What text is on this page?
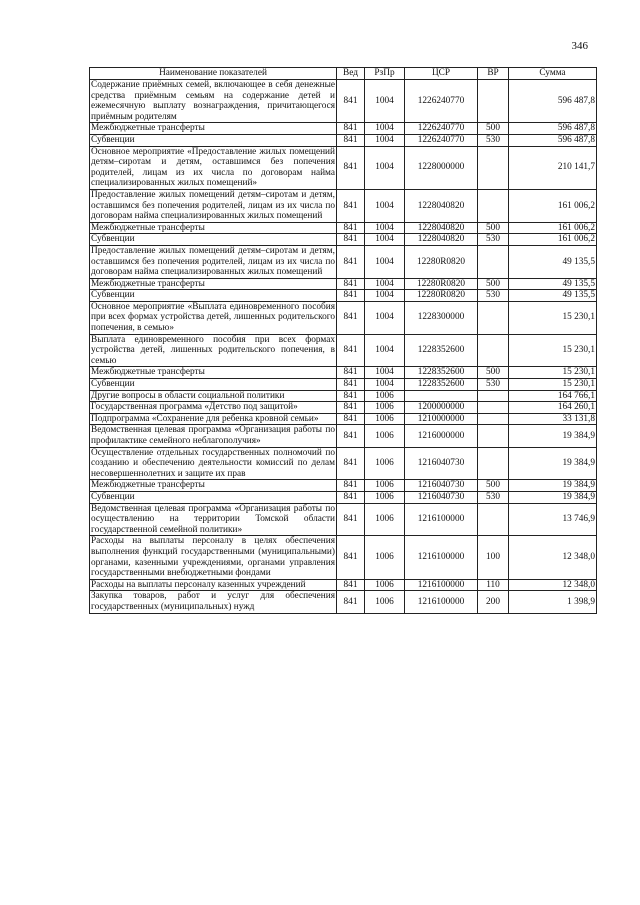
346
Наименование показателей	Вед	РзПр	ЦСР	ВР	Сумма
Содержание приёмных семей, включающее в себя денежные средства приёмным семьям на содержание детей и ежемесячную выплату вознаграждения, причитающегося приёмным родителям	841	1004	1226240770		596 487,8
Межбюджетные трансферты	841	1004	1226240770	500	596 487,8
Субвенции	841	1004	1226240770	530	596 487,8
Основное мероприятие «Предоставление жилых помещений детям–сиротам и детям, оставшимся без попечения родителей, лицам из их числа по договорам найма специализированных жилых помещений»	841	1004	1228000000		210 141,7
Предоставление жилых помещений детям–сиротам и детям, оставшимся без попечения родителей, лицам из их числа по договорам найма специализированных жилых помещений	841	1004	1228040820		161 006,2
Межбюджетные трансферты	841	1004	1228040820	500	161 006,2
Субвенции	841	1004	1228040820	530	161 006,2
Предоставление жилых помещений детям–сиротам и детям, оставшимся без попечения родителей, лицам из их числа по договорам найма специализированных жилых помещений	841	1004	12280R0820		49 135,5
Межбюджетные трансферты	841	1004	12280R0820	500	49 135,5
Субвенции	841	1004	12280R0820	530	49 135,5
Основное мероприятие «Выплата единовременного пособия при всех формах устройства детей, лишенных родительского попечения, в семью»	841	1004	1228300000		15 230,1
Выплата единовременного пособия при всех формах устройства детей, лишенных родительского попечения, в семью	841	1004	1228352600		15 230,1
Межбюджетные трансферты	841	1004	1228352600	500	15 230,1
Субвенции	841	1004	1228352600	530	15 230,1
Другие вопросы в области социальной политики	841	1006			164 766,1
Государственная программа «Детство под защитой»	841	1006	1200000000		164 260,1
Подпрограмма «Сохранение для ребенка кровной семьи»	841	1006	1210000000		33 131,8
Ведомственная целевая программа «Организация работы по профилактике семейного неблагополучия»	841	1006	1216000000		19 384,9
Осуществление отдельных государственных полномочий по созданию и обеспечению деятельности комиссий по делам несовершеннолетних и защите их прав	841	1006	1216040730		19 384,9
Межбюджетные трансферты	841	1006	1216040730	500	19 384,9
Субвенции	841	1006	1216040730	530	19 384,9
Ведомственная целевая программа «Организация работы по осуществлению на территории Томской области государственной семейной политики»	841	1006	1216100000		13 746,9
Расходы на выплаты персоналу в целях обеспечения выполнения функций государственными (муниципальными) органами, казенными учреждениями, органами управления государственными внебюджетными фондами	841	1006	1216100000	100	12 348,0
Расходы на выплаты персоналу казенных учреждений	841	1006	1216100000	110	12 348,0
Закупка товаров, работ и услуг для обеспечения государственных (муниципальных) нужд	841	1006	1216100000	200	1 398,9
